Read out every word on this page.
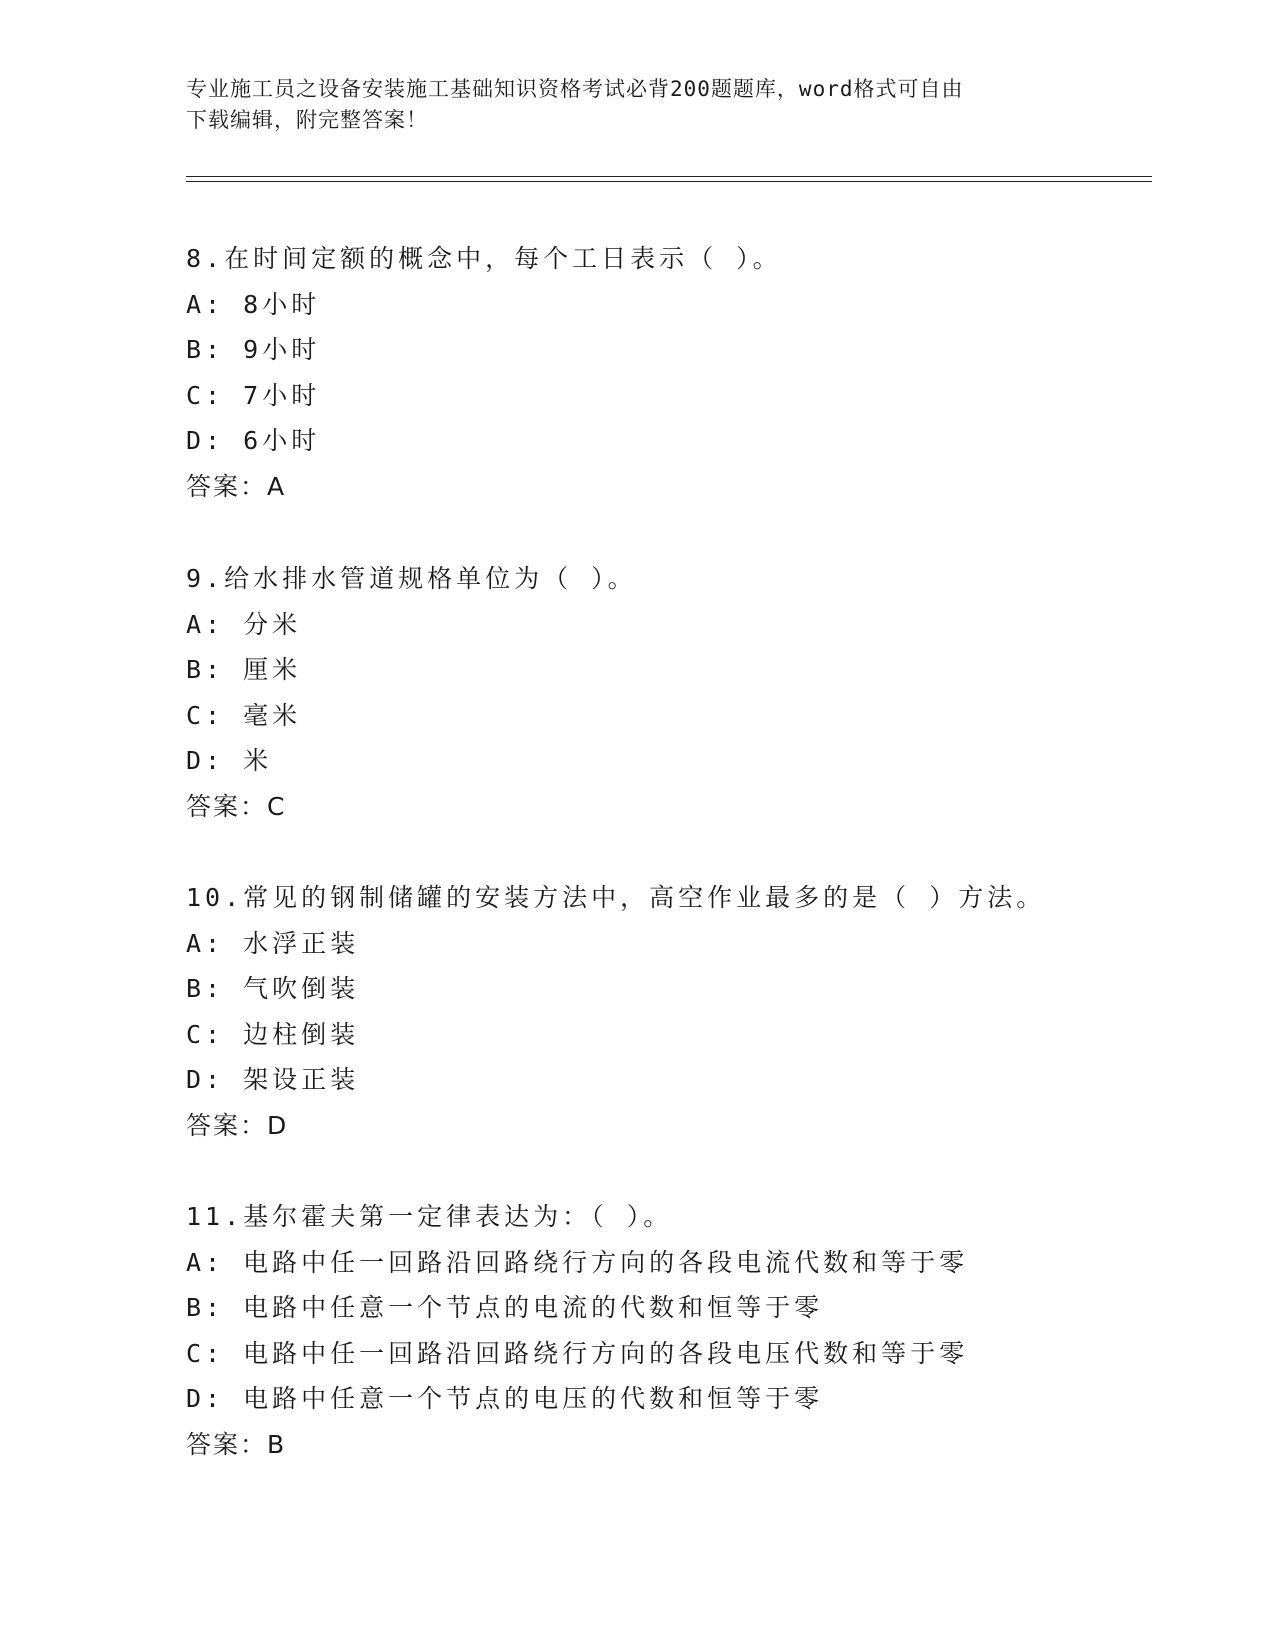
专业施工员之设备安装施工基础知识资格考试必背200题题库，word格式可自由
下载编辑，附完整答案！
8.在时间定额的概念中，每个工日表示（ ）。
A: 8小时
B: 9小时
C: 7小时
D: 6小时
答案：A
9.给水排水管道规格单位为（ ）。
A: 分米
B: 厘米
C: 毫米
D: 米
答案：C
10.常见的钢制储罐的安装方法中，高空作业最多的是（ ）方法。
A: 水浮正装
B: 气吹倒装
C: 边柱倒装
D: 架设正装
答案：D
11.基尔霍夫第一定律表达为：（ ）。
A: 电路中任一回路沿回路绕行方向的各段电流代数和等于零
B: 电路中任意一个节点的电流的代数和恒等于零
C: 电路中任一回路沿回路绕行方向的各段电压代数和等于零
D: 电路中任意一个节点的电压的代数和恒等于零
答案：B
